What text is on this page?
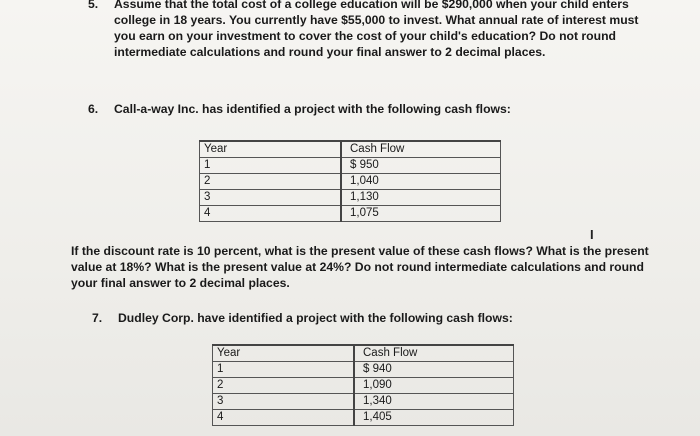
5. Assume that the total cost of a college education will be $290,000 when your child enters
college in 18 years. You currently have $55,000 to invest. What annual rate of interest must
you earn on your investment to cover the cost of your child's education? Do not round
intermediate calculations and round your final answer to 2 decimal places.
6. Call-a-way Inc. has identified a project with the following cash flows:
Year	Cash Flow
1	$ 950
2	1,040
3	1,130
4	1,075
If the discount rate is 10 percent, what is the present value of these cash flows? What is the present
value at 18%? What is the present value at 24%? Do not round intermediate calculations and round
your final answer to 2 decimal places.
I
7. Dudley Corp. have identified a project with the following cash flows:
Year	Cash Flow
1	$ 940
2	1,090
3	1,340
4	1,405
